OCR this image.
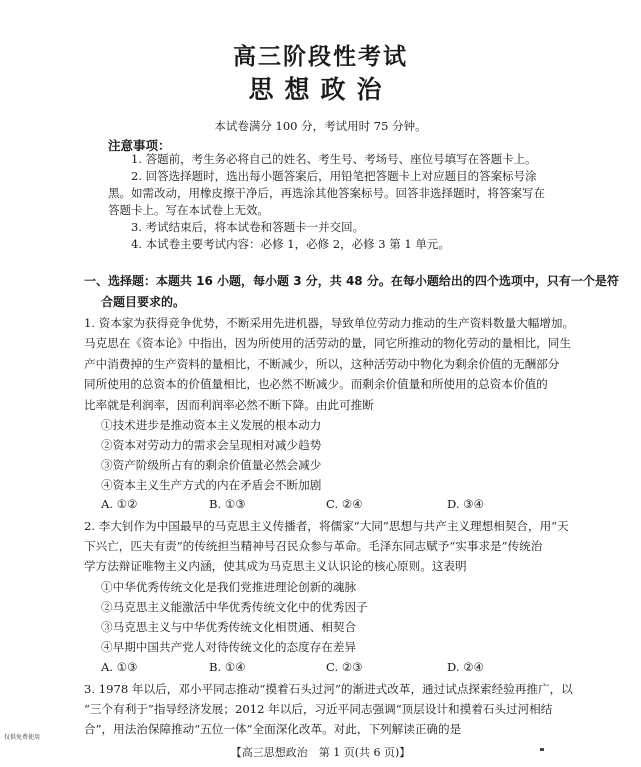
高三阶段性考试
思想政治
本试卷满分 100 分，考试用时 75 分钟。
注意事项：
1. 答题前，考生务必将自己的姓名、考生号、考场号、座位号填写在答题卡上。
2. 回答选择题时，选出每小题答案后，用铅笔把答题卡上对应题目的答案标号涂
黑。如需改动，用橡皮擦干净后，再选涂其他答案标号。回答非选择题时，将答案写在
答题卡上。写在本试卷上无效。
3. 考试结束后，将本试卷和答题卡一并交回。
4. 本试卷主要考试内容：必修 1，必修 2，必修 3 第 1 单元。
一、选择题：本题共 16 小题，每小题 3 分，共 48 分。在每小题给出的四个选项中，只有一个是符
合题目要求的。
1. 资本家为获得竞争优势，不断采用先进机器，导致单位劳动力推动的生产资料数量大幅增加。
马克思在《资本论》中指出，因为所使用的活劳动的量，同它所推动的物化劳动的量相比，同生
产中消费掉的生产资料的量相比，不断减少，所以，这种活劳动中物化为剩余价值的无酬部分
同所使用的总资本的价值量相比，也必然不断减少。而剩余价值量和所使用的总资本价值的
比率就是利润率，因而利润率必然不断下降。由此可推断
①技术进步是推动资本主义发展的根本动力
②资本对劳动力的需求会呈现相对减少趋势
③资产阶级所占有的剩余价值量必然会减少
④资本主义生产方式的内在矛盾会不断加剧
A. ①②	B. ①③	C. ②④	D. ③④
2. 李大钊作为中国最早的马克思主义传播者，将儒家“大同”思想与共产主义理想相契合，用“天
下兴亡，匹夫有责”的传统担当精神号召民众参与革命。毛泽东同志赋予“实事求是”传统治
学方法辩证唯物主义内涵，使其成为马克思主义认识论的核心原则。这表明
①中华优秀传统文化是我们党推进理论创新的魂脉
②马克思主义能激活中华优秀传统文化中的优秀因子
③马克思主义与中华优秀传统文化相贯通、相契合
④早期中国共产党人对待传统文化的态度存在差异
A. ①③	B. ①④	C. ②③	D. ②④
3. 1978 年以后，邓小平同志推动“摸着石头过河”的渐进式改革，通过试点探索经验再推广，以
“三个有利于”指导经济发展；2012 年以后，习近平同志强调“顶层设计和摸着石头过河相结
合”，用法治保障推动“五位一体”全面深化改革。对此，下列解读正确的是
仅供免费使用
【高三思想政治　第 1 页(共 6 页)】
